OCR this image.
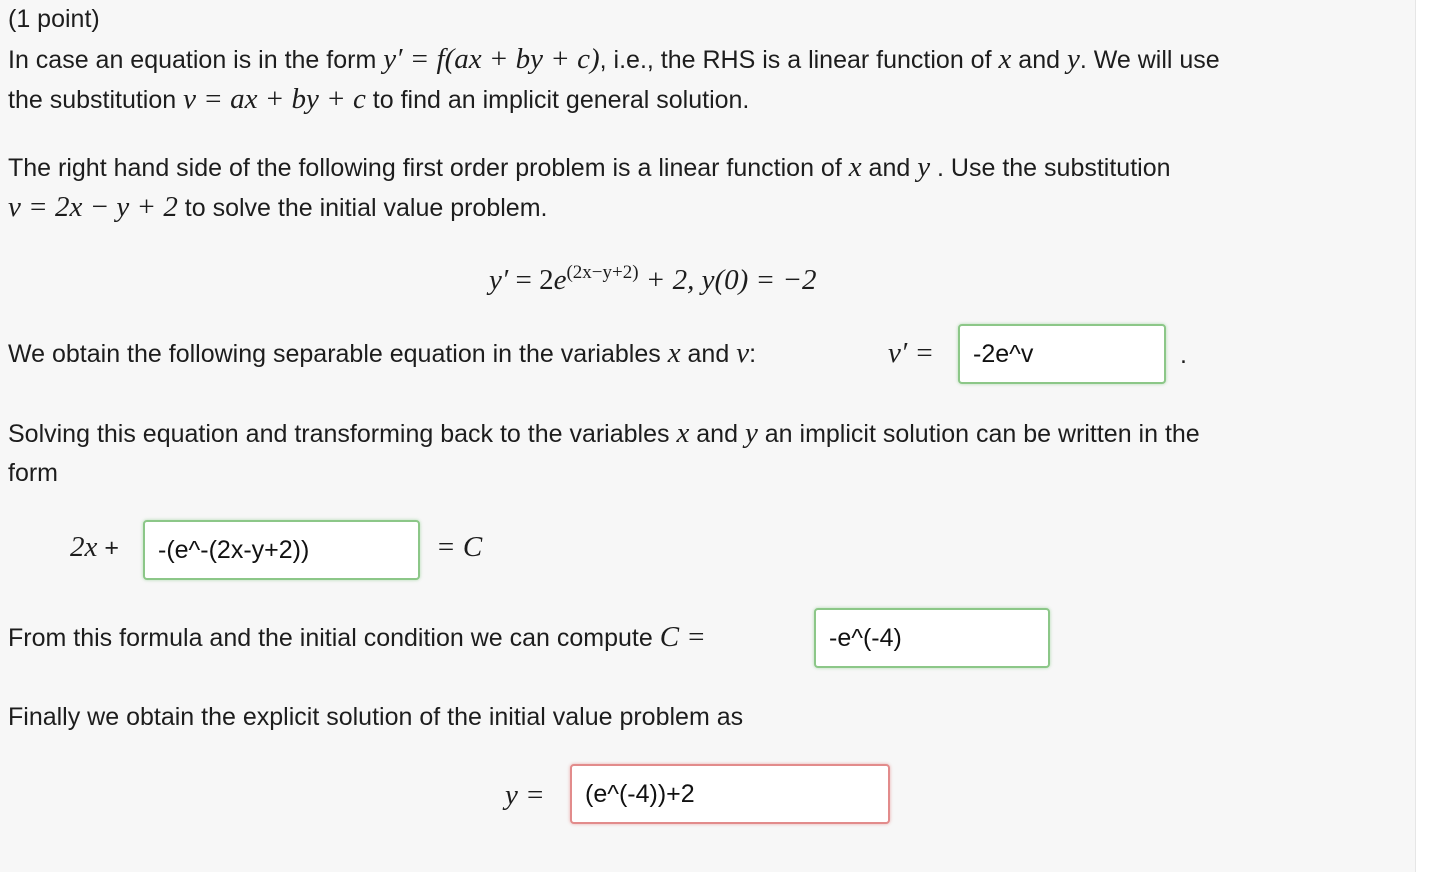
(1 point)
In case an equation is in the form y′ = f(ax + by + c), i.e., the RHS is a linear function of x and y. We will use
the substitution v = ax + by + c to find an implicit general solution.
The right hand side of the following first order problem is a linear function of x and y . Use the substitution
v = 2x − y + 2 to solve the initial value problem.
$y' = 2e^{(2x-y+2)} + 2$, y(0) = −2
We obtain the following separable equation in the variables x and v:	v′ = -2e^v	.
Solving this equation and transforming back to the variables x and y an implicit solution can be written in the
form
2x + -(e^-(2x-y+2))	= C
From this formula and the initial condition we can compute C =	-e^(-4)
Finally we obtain the explicit solution of the initial value problem as
y = (e^(-4))+2
